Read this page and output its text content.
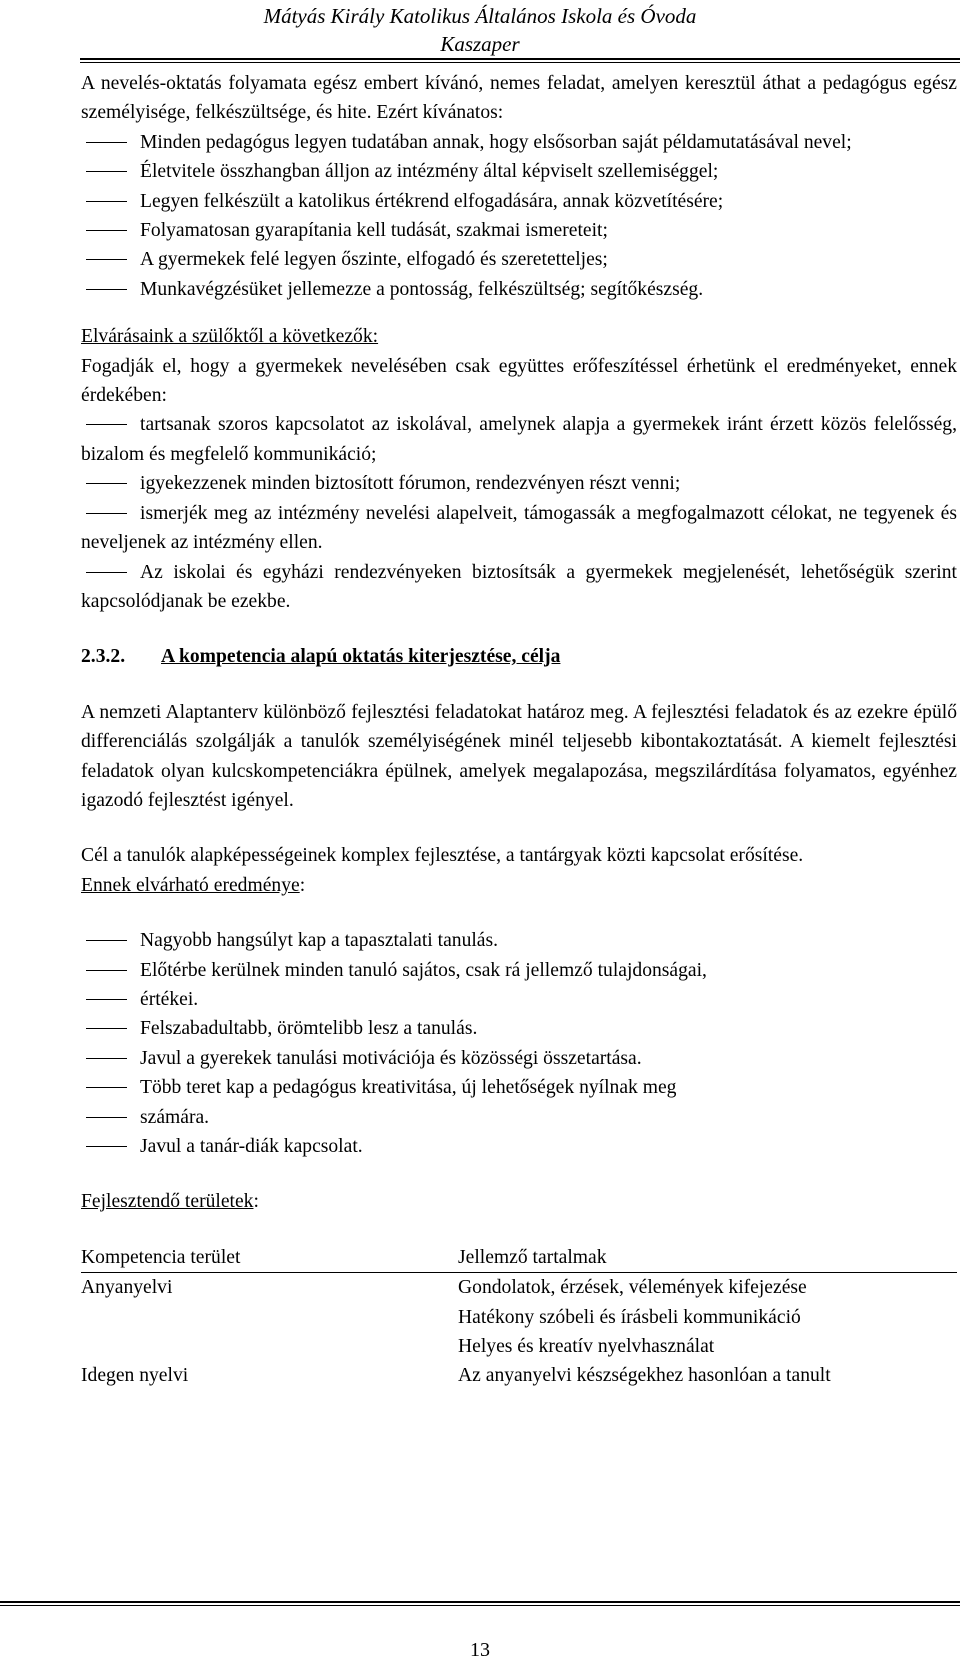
Mátyás Király Katolikus Általános Iskola és Óvoda
Kaszaper

A nevelés-oktatás folyamata egész embert kívánó, nemes feladat, amelyen keresztül áthat a pedagógus egész személyisége, felkészültsége, és hite. Ezért kívánatos:

Minden pedagógus legyen tudatában annak, hogy elsősorban saját példamutatásával nevel;
Életvitele összhangban álljon az intézmény által képviselt szellemiséggel;
Legyen felkészült a katolikus értékrend elfogadására, annak közvetítésére;
Folyamatosan gyarapítania kell tudását, szakmai ismereteit;
A gyermekek felé legyen őszinte, elfogadó és szeretetteljes;
Munkavégzésüket jellemezze a pontosság, felkészültség; segítőkészség.

Elvárásaink a szülőktől a következők:

Fogadják el, hogy a gyermekek nevelésében csak együttes erőfeszítéssel érhetünk el eredményeket, ennek érdekében:

tartsanak szoros kapcsolatot az iskolával, amelynek alapja a gyermekek iránt érzett közös felelősség, bizalom és megfelelő kommunikáció;

igyekezzenek minden biztosított fórumon, rendezvényen részt venni;

ismerjék meg az intézmény nevelési alapelveit, támogassák a megfogalmazott célokat, ne tegyenek és neveljenek az intézmény ellen.

Az iskolai és egyházi rendezvényeken biztosítsák a gyermekek megjelenését, lehetőségük szerint kapcsolódjanak be ezekbe.

2.3.2.	A kompetencia alapú oktatás kiterjesztése, célja

A nemzeti Alaptanterv különböző fejlesztési feladatokat határoz meg. A fejlesztési feladatok és az ezekre épülő differenciálás szolgálják a tanulók személyiségének minél teljesebb kibontakoztatását. A kiemelt fejlesztési feladatok olyan kulcskompetenciákra épülnek, amelyek megalapozása, megszilárdítása folyamatos, egyénhez igazodó fejlesztést igényel.

Cél a tanulók alapképességeinek komplex fejlesztése, a tantárgyak közti kapcsolat erősítése.

Ennek elvárható eredménye:

Nagyobb hangsúlyt kap a tapasztalati tanulás.
Előtérbe kerülnek minden tanuló sajátos, csak rá jellemző tulajdonságai,
értékei.
Felszabadultabb, örömtelibb lesz a tanulás.
Javul a gyerekek tanulási motivációja és közösségi összetartása.
Több teret kap a pedagógus kreativitása, új lehetőségek nyílnak meg
számára.
Javul a tanár-diák kapcsolat.

Fejlesztendő területek:

Kompetencia terület	Jellemző tartalmak
Anyanyelvi	Gondolatok, érzések, vélemények kifejezése
Hatékony szóbeli és írásbeli kommunikáció
Helyes és kreatív nyelvhasználat

Idegen nyelvi	Az anyanyelvi készségekhez hasonlóan a tanult
13
